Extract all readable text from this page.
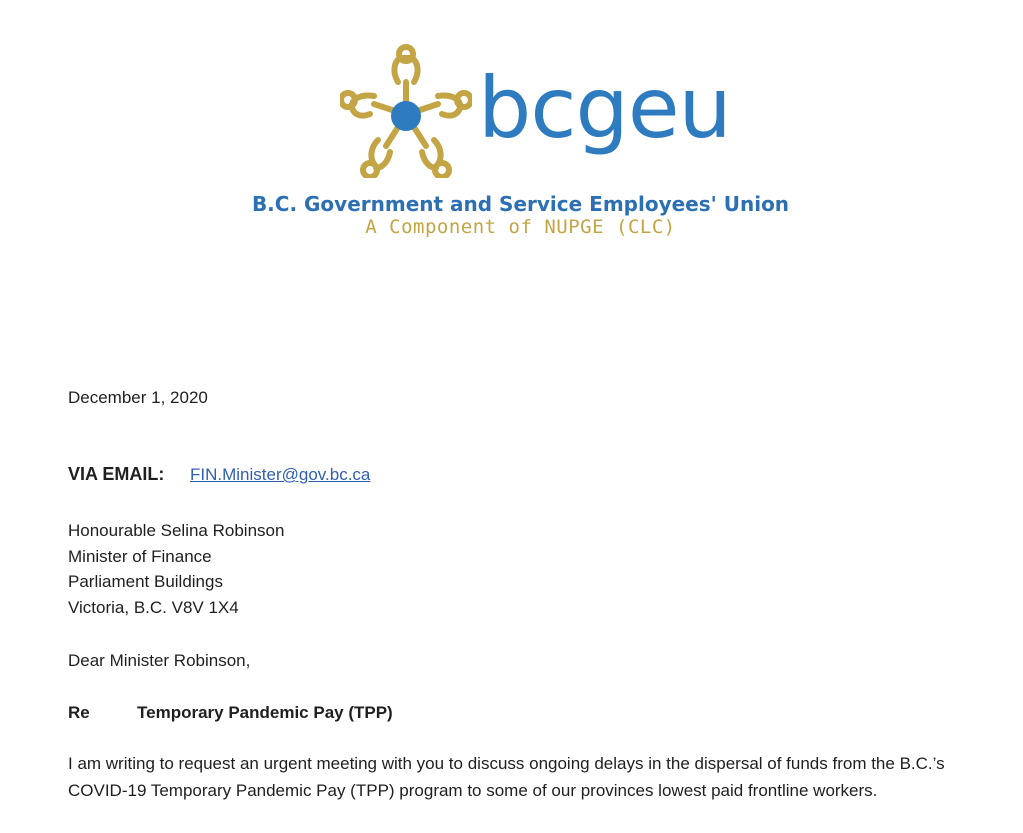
bcgeu
B.C. Government and Service Employees' Union
A Component of NUPGE (CLC)
December 1, 2020
VIA EMAIL: FIN.Minister@gov.bc.ca
Honourable Selina Robinson
Minister of Finance
Parliament Buildings
Victoria, B.C. V8V 1X4
Dear Minister Robinson,
Re	Temporary Pandemic Pay (TPP)
I am writing to request an urgent meeting with you to discuss ongoing delays in the dispersal of funds from the B.C.’s COVID-19 Temporary Pandemic Pay (TPP) program to some of our provinces lowest paid frontline workers.
